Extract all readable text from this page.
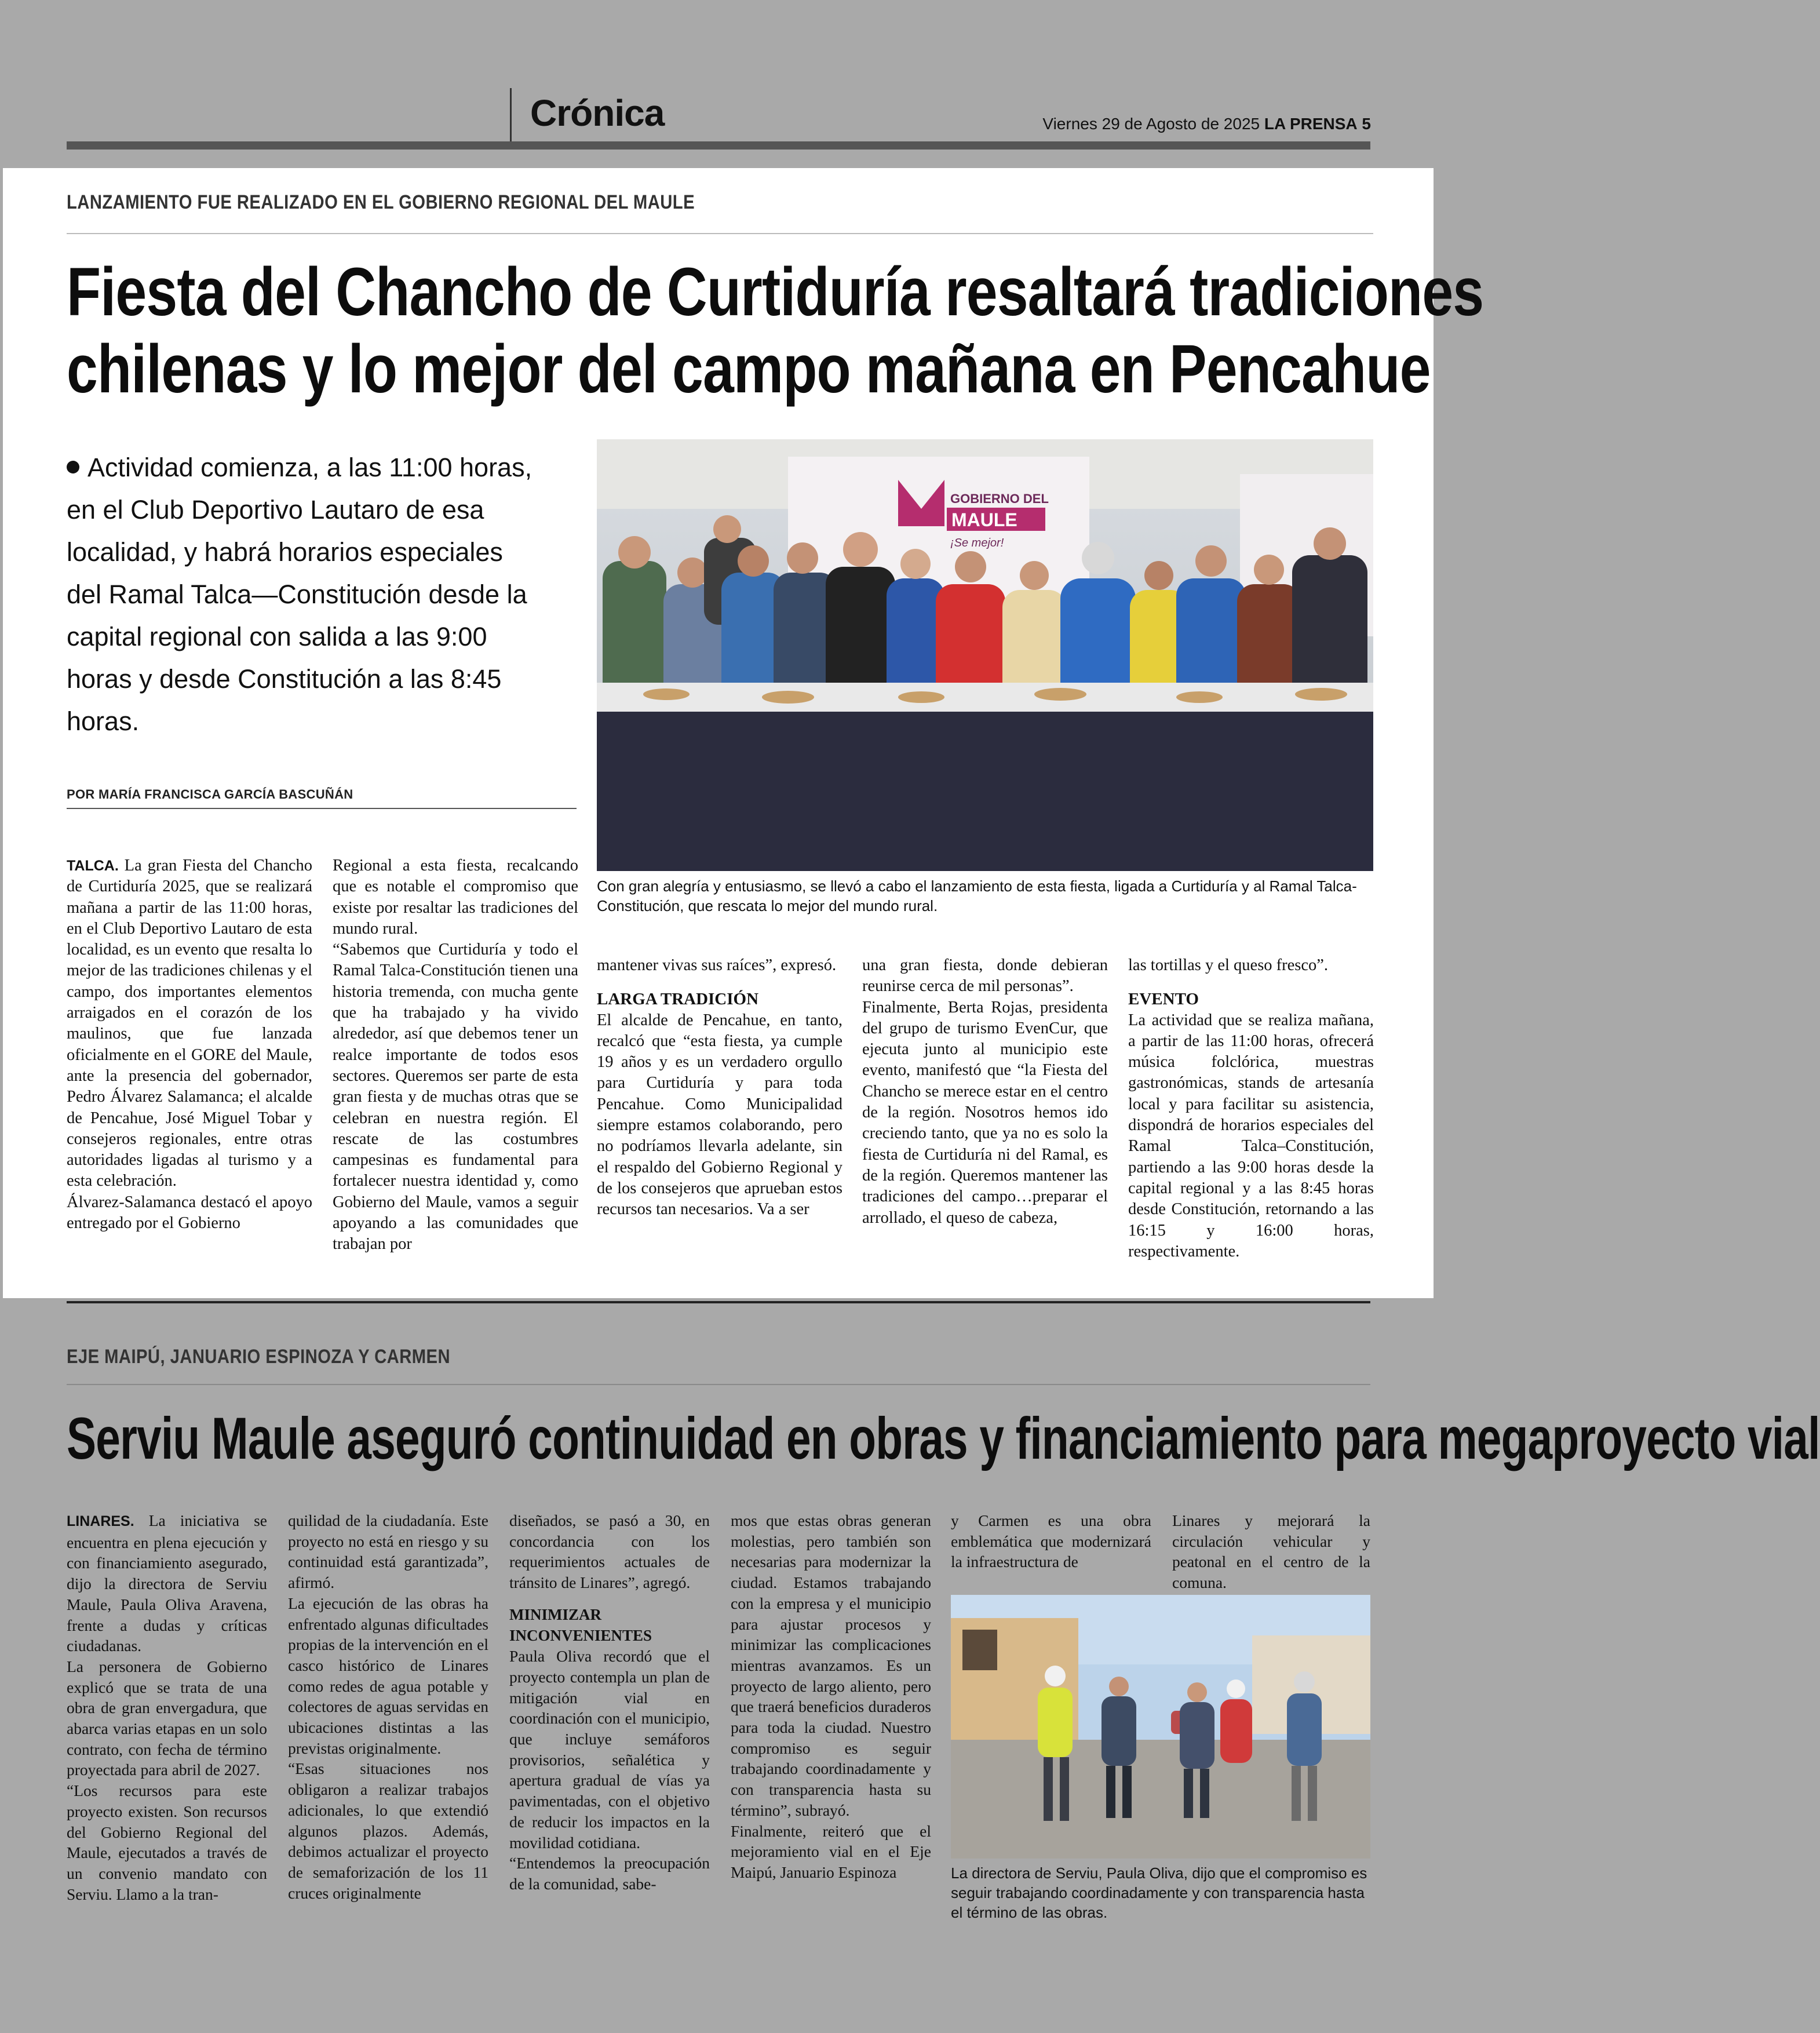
Crónica	Viernes 29 de Agosto de 2025 LA PRENSA 5
LANZAMIENTO FUE REALIZADO EN EL GOBIERNO REGIONAL DEL MAULE
Fiesta del Chancho de Curtiduría resaltará tradiciones
chilenas y lo mejor del campo mañana en Pencahue
Actividad comienza, a las 11:00 horas,
en el Club Deportivo Lautaro de esa
localidad, y habrá horarios especiales
del Ramal Talca—Constitución desde la
capital regional con salida a las 9:00
horas y desde Constitución a las 8:45
horas.
POR MARÍA FRANCISCA GARCÍA BASCUÑÁN
GOBIERNO DEL
MAULE
¡Se mejor!
Con gran alegría y entusiasmo, se llevó a cabo el lanzamiento de esta fiesta, ligada a Curtiduría y al Ramal Talca- Constitución, que rescata lo mejor del mundo rural.

TALCA. La gran Fiesta del Chancho de Curtiduría 2025, que se realizará mañana a partir de las 11:00 horas, en el Club Deportivo Lautaro de esta localidad, es un evento que resalta lo mejor de las tradiciones chilenas y el campo, dos importantes elementos arraigados en el corazón de los maulinos, que fue lanzada oficialmente en el GORE del Maule, ante la presencia del gobernador, Pedro Álvarez Salamanca; el alcalde de Pencahue, José Miguel Tobar y consejeros regionales, entre otras autoridades ligadas al turismo y a esta celebración.

Álvarez-Salamanca destacó el apoyo entregado por el Gobierno

Regional a esta fiesta, recalcando que es notable el compromiso que existe por resaltar las tradiciones del mundo rural.

“Sabemos que Curtiduría y todo el Ramal Talca-Constitución tienen una historia tremenda, con mucha gente que ha trabajado y ha vivido alrededor, así que debemos tener un realce importante de todos esos sectores. Queremos ser parte de esta gran fiesta y de muchas otras que se celebran en nuestra región. El rescate de las costumbres campesinas es fundamental para fortalecer nuestra identidad y, como Gobierno del Maule, vamos a seguir apoyando a las comunidades que trabajan por

mantener vivas sus raíces”, expresó.

LARGA TRADICIÓN

El alcalde de Pencahue, en tanto, recalcó que “esta fiesta, ya cumple 19 años y es un verdadero orgullo para Curtiduría y para toda Pencahue. Como Municipalidad siempre estamos colaborando, pero no podríamos llevarla adelante, sin el respaldo del Gobierno Regional y de los consejeros que aprueban estos recursos tan necesarios. Va a ser

una gran fiesta, donde debieran reunirse cerca de mil personas”.

Finalmente, Berta Rojas, presidenta del grupo de turismo EvenCur, que ejecuta junto al municipio este evento, manifestó que “la Fiesta del Chancho se merece estar en el centro de la región. Nosotros hemos ido creciendo tanto, que ya no es solo la fiesta de Curtiduría ni del Ramal, es de la región. Queremos mantener las tradiciones del campo…preparar el arrollado, el queso de cabeza,

las tortillas y el queso fresco”.

EVENTO

La actividad que se realiza mañana, a partir de las 11:00 horas, ofrecerá música folclórica, muestras gastronómicas, stands de artesanía local y para facilitar su asistencia, dispondrá de horarios especiales del Ramal Talca–Constitución, partiendo a las 9:00 horas desde la capital regional y a las 8:45 horas desde Constitución, retornando a las 16:15 y 16:00 horas, respectivamente.

EJE MAIPÚ, JANUARIO ESPINOZA Y CARMEN
Serviu Maule aseguró continuidad en obras y financiamiento para megaproyecto vial

LINARES. La iniciativa se encuentra en plena ejecución y con financiamiento asegurado, dijo la directora de Serviu Maule, Paula Oliva Aravena, frente a dudas y críticas ciudadanas.

La personera de Gobierno explicó que se trata de una obra de gran envergadura, que abarca varias etapas en un solo contrato, con fecha de término proyectada para abril de 2027.

“Los recursos para este proyecto existen. Son recursos del Gobierno Regional del Maule, ejecutados a través de un convenio mandato con Serviu. Llamo a la tran-

quilidad de la ciudadanía. Este proyecto no está en riesgo y su continuidad está garantizada”, afirmó.

La ejecución de las obras ha enfrentado algunas dificultades propias de la intervención en el casco histórico de Linares como redes de agua potable y colectores de aguas servidas en ubicaciones distintas a las previstas originalmente.

“Esas situaciones nos obligaron a realizar trabajos adicionales, lo que extendió algunos plazos. Además, debimos actualizar el proyecto de semaforización de los 11 cruces originalmente

diseñados, se pasó a 30, en concordancia con los requerimientos actuales de tránsito de Linares”, agregó.

MINIMIZAR INCONVENIENTES

Paula Oliva recordó que el proyecto contempla un plan de mitigación vial en coordinación con el municipio, que incluye semáforos provisorios, señalética y apertura gradual de vías ya pavimentadas, con el objetivo de reducir los impactos en la movilidad cotidiana.

“Entendemos la preocupación de la comunidad, sabe-

mos que estas obras generan molestias, pero también son necesarias para modernizar la ciudad. Estamos trabajando con la empresa y el municipio para ajustar procesos y minimizar las complicaciones mientras avanzamos. Es un proyecto de largo aliento, pero que traerá beneficios duraderos para toda la ciudad. Nuestro compromiso es seguir trabajando coordinadamente y con transparencia hasta su término”, subrayó.

Finalmente, reiteró que el mejoramiento vial en el Eje Maipú, Januario Espinoza

y Carmen es una obra emblemática que modernizará la infraestructura de

Linares y mejorará la circulación vehicular y peatonal en el centro de la comuna.

La directora de Serviu, Paula Oliva, dijo que el compromiso es seguir trabajando coordinadamente y con transparencia hasta el término de las obras.
